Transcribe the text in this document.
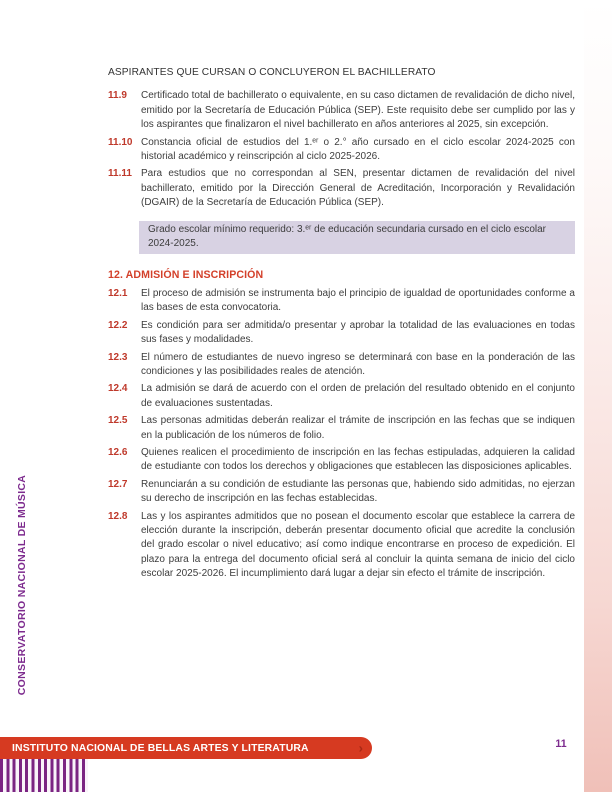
CONSERVATORIO NACIONAL DE MÚSICA

ASPIRANTES QUE CURSAN O CONCLUYERON EL BACHILLERATO

11.9 Certificado total de bachillerato o equivalente, en su caso dictamen de revalidación de dicho nivel, emitido por la Secretaría de Educación Pública (SEP). Este requisito debe ser cumplido por las y los aspirantes que finalizaron el nivel bachillerato en años anteriores al 2025, sin excepción.
11.10 Constancia oficial de estudios del 1.ᵉʳ o 2.° año cursado en el ciclo escolar 2024-2025 con historial académico y reinscripción al ciclo 2025-2026.
11.11 Para estudios que no correspondan al SEN, presentar dictamen de revalidación del nivel bachillerato, emitido por la Dirección General de Acreditación, Incorporación y Revalidación (DGAIR) de la Secretaría de Educación Pública (SEP).
Grado escolar mínimo requerido: 3.ᵉʳ de educación secundaria cursado en el ciclo escolar 2024-2025.

12. ADMISIÓN E INSCRIPCIÓN

12.1 El proceso de admisión se instrumenta bajo el principio de igualdad de oportunidades conforme a las bases de esta convocatoria.
12.2 Es condición para ser admitida/o presentar y aprobar la totalidad de las evaluaciones en todas sus fases y modalidades.
12.3 El número de estudiantes de nuevo ingreso se determinará con base en la ponderación de las condiciones y las posibilidades reales de atención.
12.4 La admisión se dará de acuerdo con el orden de prelación del resultado obtenido en el conjunto de evaluaciones sustentadas.
12.5 Las personas admitidas deberán realizar el trámite de inscripción en las fechas que se indiquen en la publicación de los números de folio.
12.6 Quienes realicen el procedimiento de inscripción en las fechas estipuladas, adquieren la calidad de estudiante con todos los derechos y obligaciones que establecen las disposiciones aplicables.
12.7 Renunciarán a su condición de estudiante las personas que, habiendo sido admitidas, no ejerzan su derecho de inscripción en las fechas establecidas.
12.8 Las y los aspirantes admitidos que no posean el documento escolar que establece la carrera de elección durante la inscripción, deberán presentar documento oficial que acredite la conclusión del grado escolar o nivel educativo; así como indique encontrarse en proceso de expedición. El plazo para la entrega del documento oficial será al concluir la quinta semana de inicio del ciclo escolar 2025-2026. El incumplimiento dará lugar a dejar sin efecto el trámite de inscripción.
INSTITUTO NACIONAL DE BELLAS ARTES Y LITERATURA	›	11
